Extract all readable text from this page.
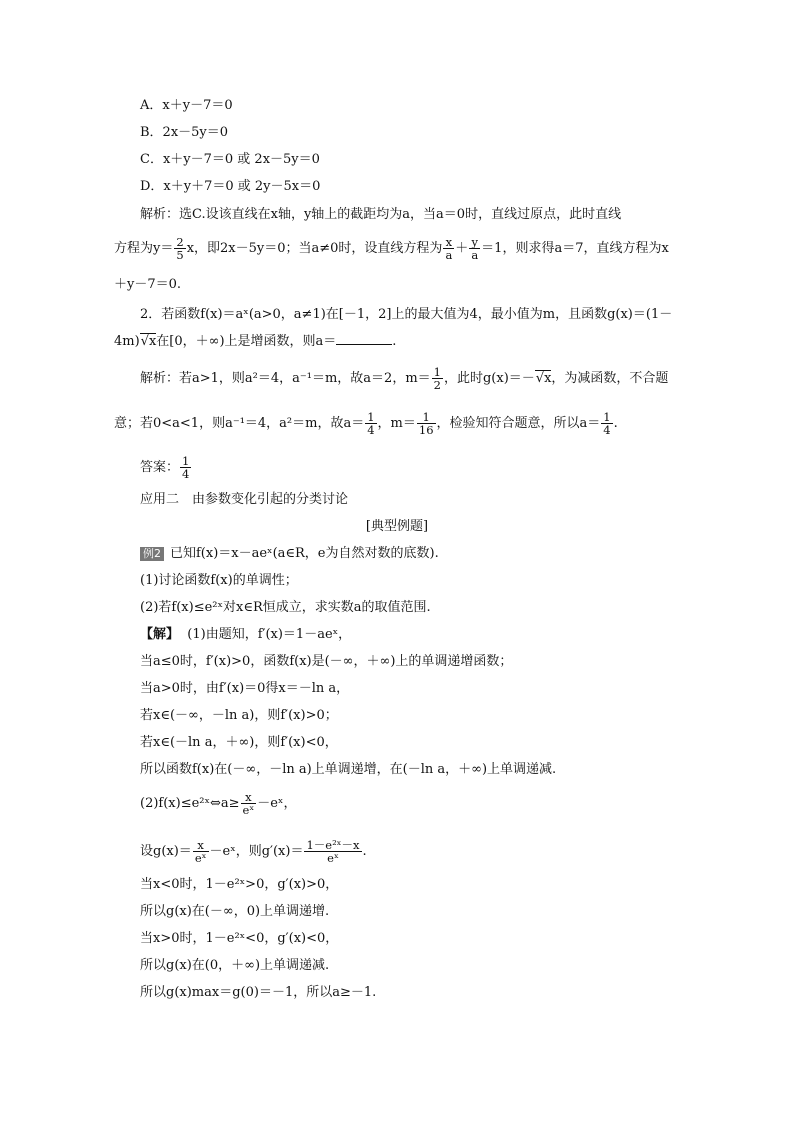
A．x＋y－7＝0
B．2x－5y＝0
C．x＋y－7＝0 或 2x－5y＝0
D．x＋y＋7＝0 或 2y－5x＝0
解析：选C.设该直线在x轴，y轴上的截距均为a，当a＝0时，直线过原点，此时直线
方程为$y= \frac{2}{5}$ x，即2x－5y＝0；当a≠0时，设直线方程为 $\frac{x}{a} + \frac{y}{a} =1$，则求得a＝7，直线方程为x
＋y－7＝0.
2．若函数f(x)＝aˣ(a>0，a≠1)在[－1，2]上的最大值为4，最小值为m，且函数g(x)＝(1－
4m)√x在[0，＋∞)上是增函数，则a＝	.
解析：若a>1，则a²＝4，a⁻¹＝m，故a＝2，$m= \frac{1}{2}$ ，此时g(x)＝－√x，为减函数，不合题
意；若0<a<1，则a⁻¹＝4，a²＝m，故$a= \frac{1}{4}$ ，$m= \frac{1}{16}$ ，检验知符合题意，所以$a= \frac{1}{4}$ .
答案： $\frac{1}{4}$
应用二　由参数变化引起的分类讨论
[典型例题]
例2 已知f(x)＝x－aeˣ(a∈R，e为自然对数的底数).
(1)讨论函数f(x)的单调性；
(2)若f(x)≤e²ˣ对x∈R恒成立，求实数a的取值范围.
【解】 (1)由题知，f′(x)＝1－aeˣ，
当a≤0时，f′(x)>0，函数f(x)是(－∞，＋∞)上的单调递增函数；
当a>0时，由f′(x)＝0得x＝－ln a，
若x∈(－∞，－ln a)，则f′(x)>0；
若x∈(－ln a，＋∞)，则f′(x)<0，
所以函数f(x)在(－∞，－ln a)上单调递增，在(－ln a，＋∞)上单调递减.
(2)f(x)≤e²ˣ⇔a≥ $\frac{x}{\text{eˣ}}$ －eˣ，
设$g(x)= \frac{x}{\text{eˣ}}$ －eˣ，则$g'(x)= \frac{\text{1－e²ˣ－x}}{\text{eˣ}}$ .
当x<0时，1－e²ˣ>0，g′(x)>0，
所以g(x)在(－∞，0)上单调递增.
当x>0时，1－e²ˣ<0，g′(x)<0，
所以g(x)在(0，＋∞)上单调递减.
所以g(x)max＝g(0)＝－1，所以a≥－1.
